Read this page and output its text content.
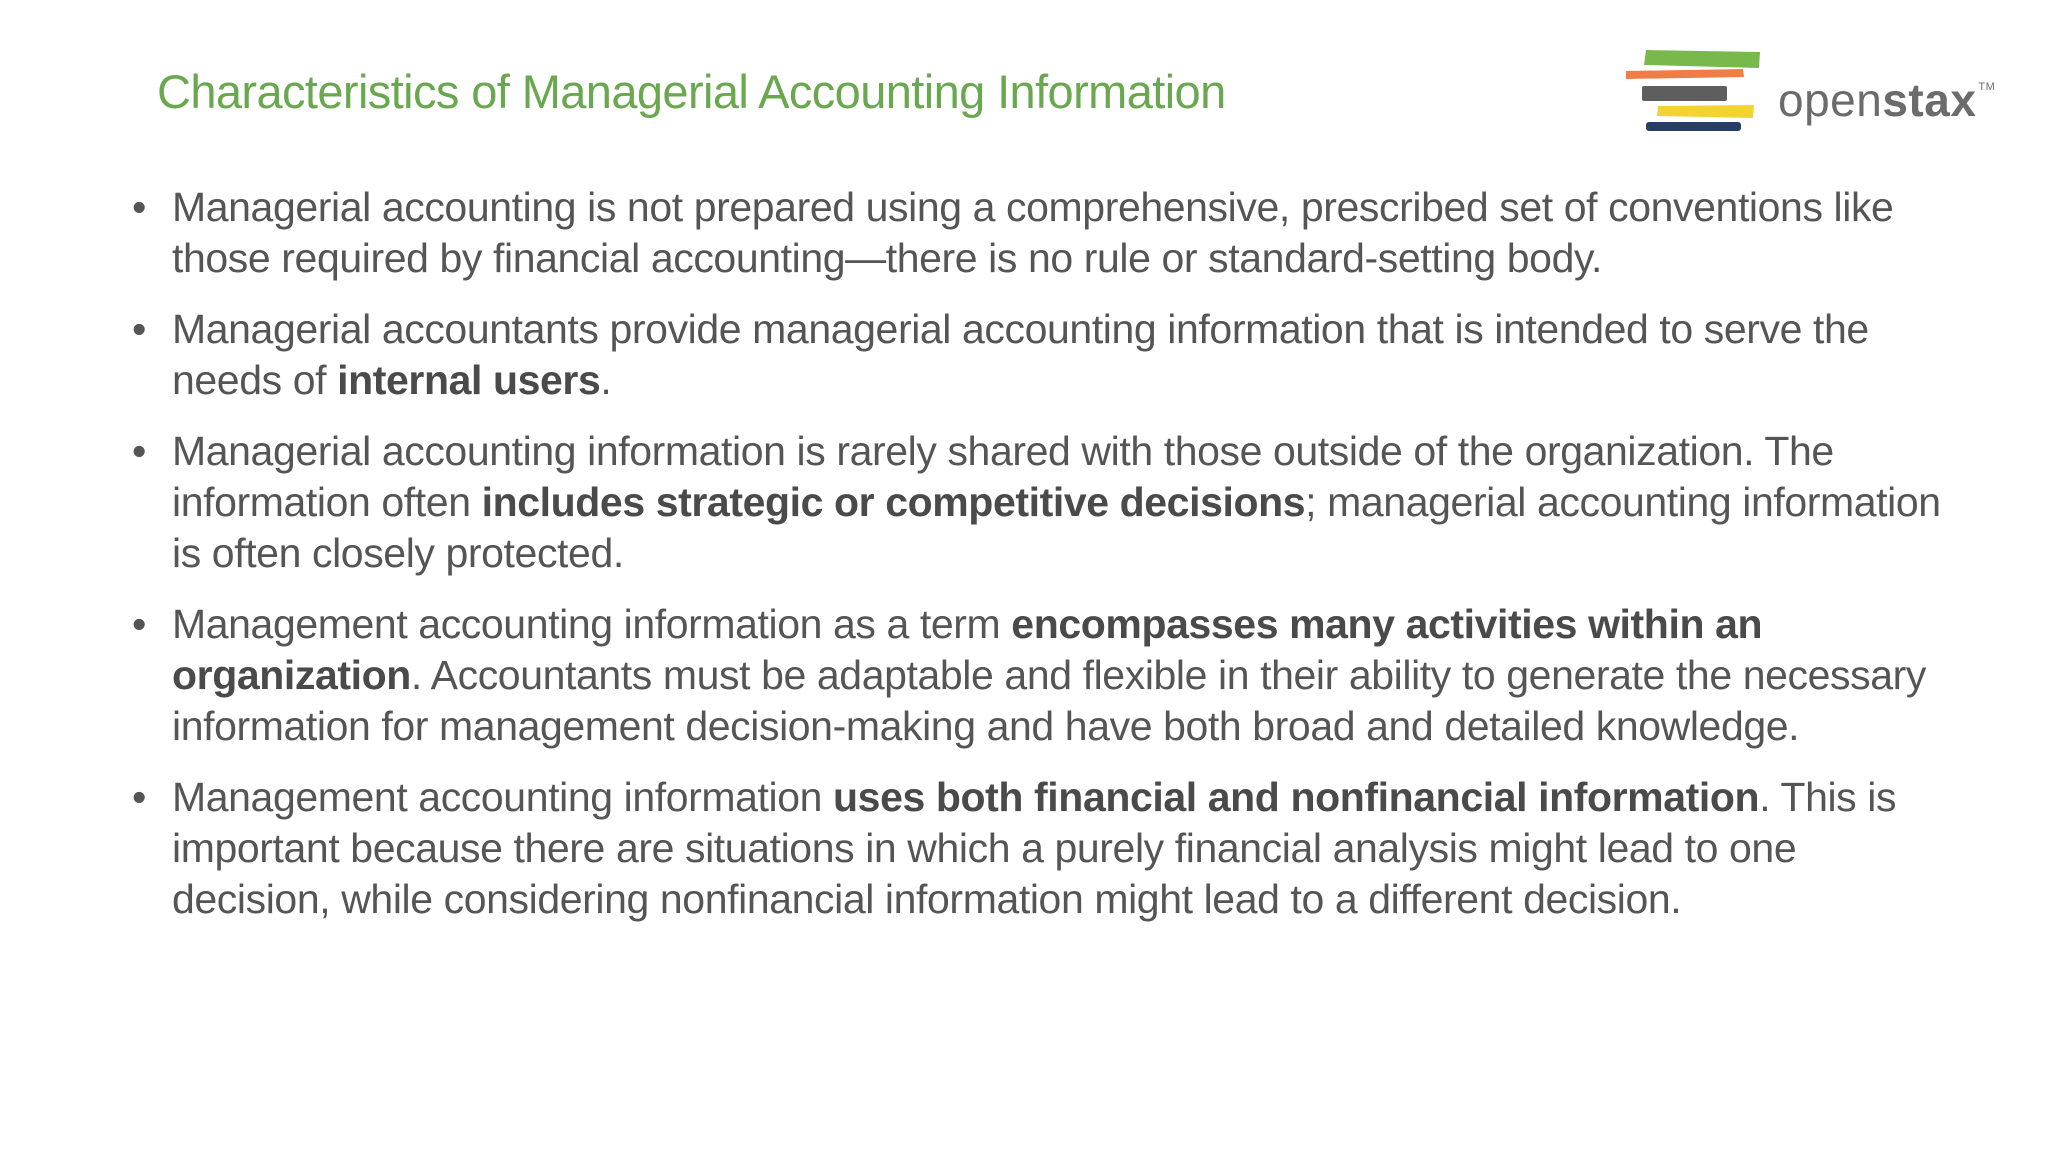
Characteristics of Managerial Accounting Information	openstax ™
• Managerial accounting is not prepared using a comprehensive, prescribed set of conventions like those required by financial accounting—there is no rule or standard-setting body.
• Managerial accountants provide managerial accounting information that is intended to serve the needs of internal users.
• Managerial accounting information is rarely shared with those outside of the organization. The information often includes strategic or competitive decisions; managerial accounting information is often closely protected.
• Management accounting information as a term encompasses many activities within an organization. Accountants must be adaptable and flexible in their ability to generate the necessary information for management decision-making and have both broad and detailed knowledge.
• Management accounting information uses both financial and nonfinancial information. This is important because there are situations in which a purely financial analysis might lead to one decision, while considering nonfinancial information might lead to a different decision.
